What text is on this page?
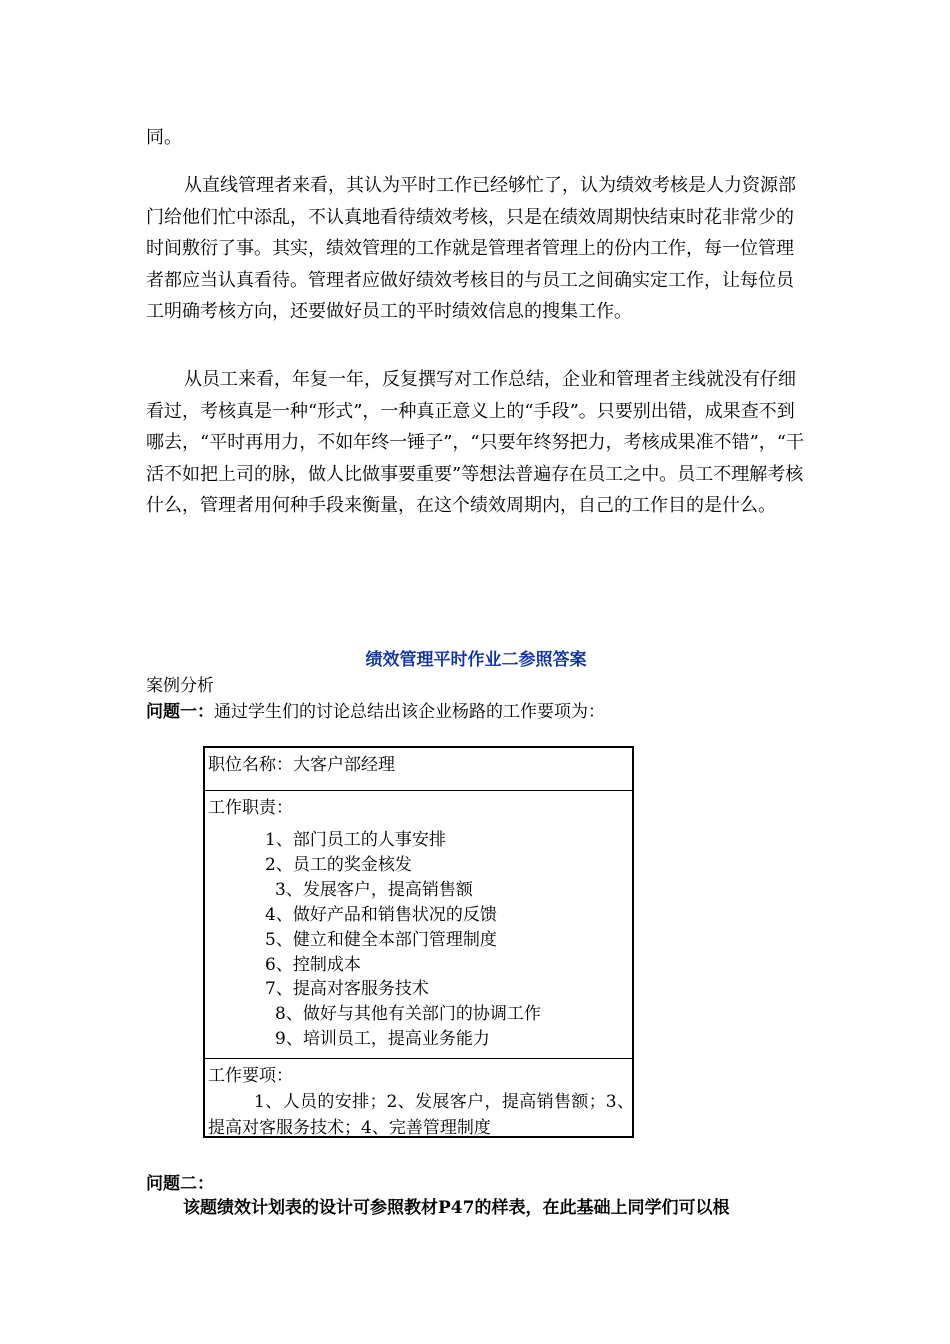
同。

从直线管理者来看，其认为平时工作已经够忙了，认为绩效考核是人力资源部门给他们忙中添乱，不认真地看待绩效考核，只是在绩效周期快结束时花非常少的时间敷衍了事。其实，绩效管理的工作就是管理者管理上的份内工作，每一位管理者都应当认真看待。管理者应做好绩效考核目的与员工之间确实定工作，让每位员工明确考核方向，还要做好员工的平时绩效信息的搜集工作。

从员工来看，年复一年，反复撰写对工作总结，企业和管理者主线就没有仔细看过，考核真是一种“形式”，一种真正意义上的“手段”。只要别出错，成果查不到哪去，“平时再用力，不如年终一锤子”，“只要年终努把力，考核成果准不错”，“干活不如把上司的脉，做人比做事要重要”等想法普遍存在员工之中。员工不理解考核什么，管理者用何种手段来衡量，在这个绩效周期内，自己的工作目的是什么。

绩效管理平时作业二参照答案
案例分析
问题一：通过学生们的讨论总结出该企业杨路的工作要项为：
职位名称：大客户部经理
工作职责：
1、部门员工的人事安排
2、员工的奖金核发
3、发展客户，提高销售额
4、做好产品和销售状况的反馈
5、健立和健全本部门管理制度
6、控制成本
7、提高对客服务技术
8、做好与其他有关部门的协调工作
9、培训员工，提高业务能力
工作要项：
1、人员的安排；2、发展客户，提高销售额；3、提高对客服务技术；4、完善管理制度
问题二：
该题绩效计划表的设计可参照教材P47的样表，在此基础上同学们可以根
